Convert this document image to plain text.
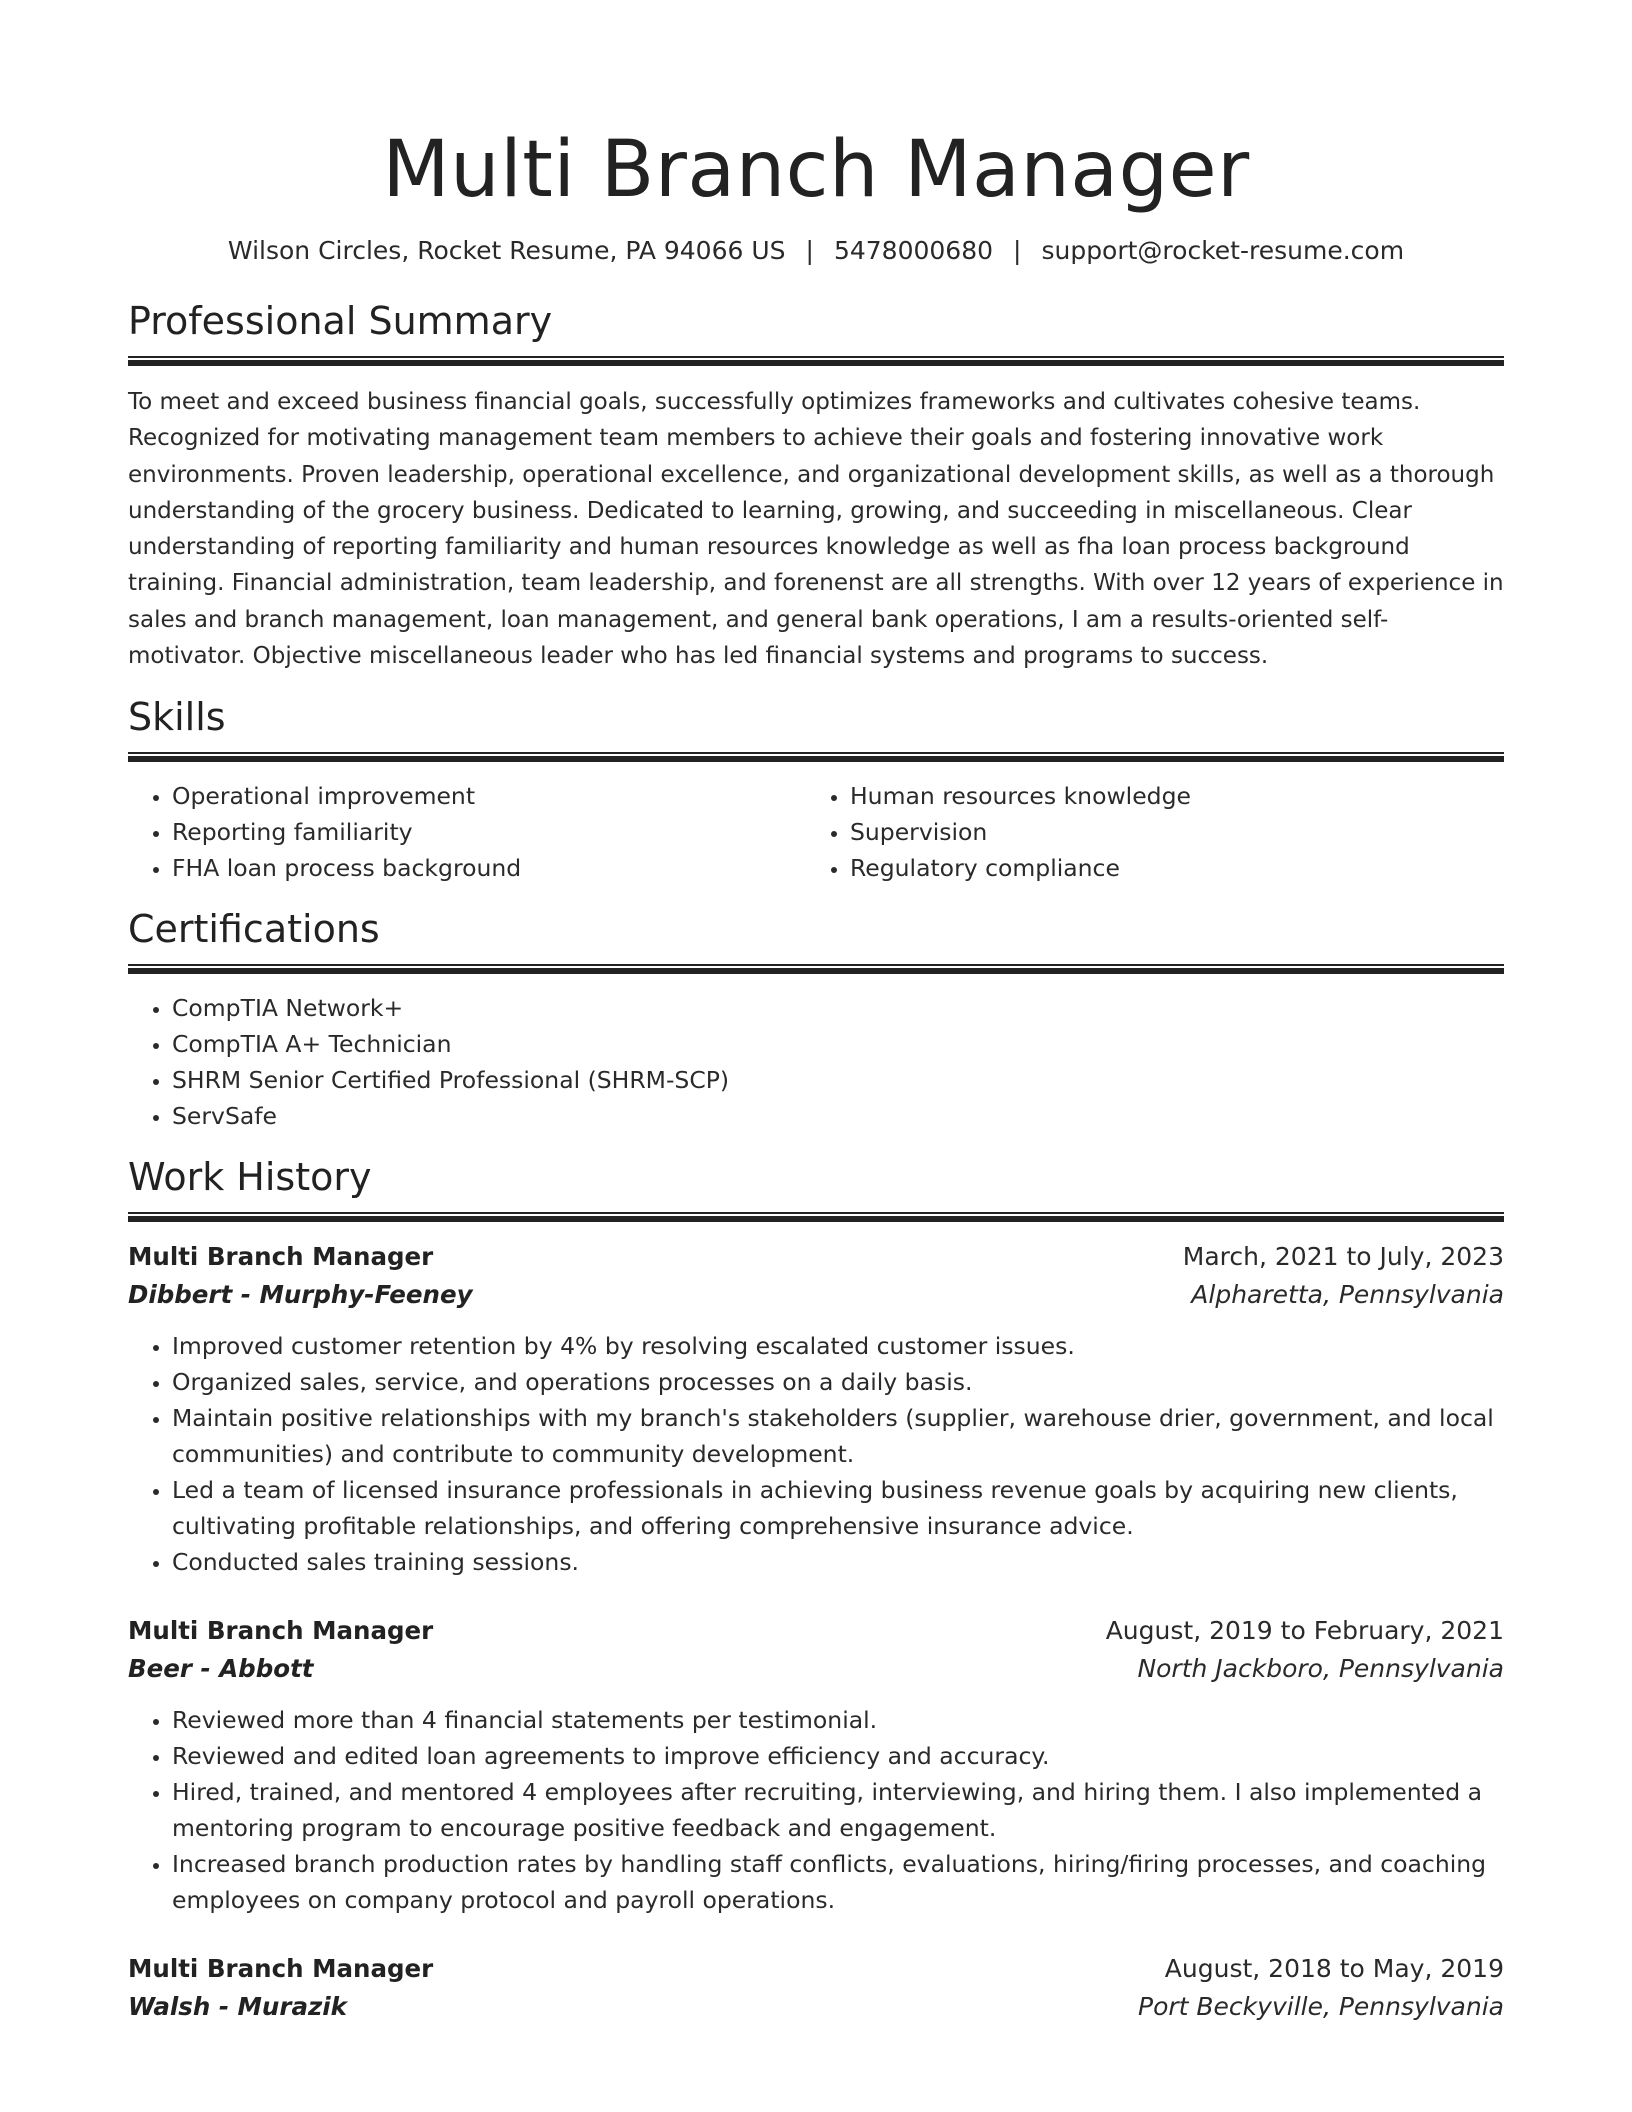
Multi Branch Manager
Wilson Circles, Rocket Resume, PA 94066 US | 5478000680 | support@rocket-resume.com
Professional Summary
To meet and exceed business financial goals, successfully optimizes frameworks and cultivates cohesive teams. Recognized for motivating management team members to achieve their goals and fostering innovative work environments. Proven leadership, operational excellence, and organizational development skills, as well as a thorough understanding of the grocery business. Dedicated to learning, growing, and succeeding in miscellaneous. Clear understanding of reporting familiarity and human resources knowledge as well as fha loan process background training. Financial administration, team leadership, and forenenst are all strengths. With over 12 years of experience in sales and branch management, loan management, and general bank operations, I am a results-oriented self-motivator. Objective miscellaneous leader who has led financial systems and programs to success.
Skills
• Operational improvement
• Reporting familiarity
• FHA loan process background
• Human resources knowledge
• Supervision
• Regulatory compliance
Certifications
• CompTIA Network+
• CompTIA A+ Technician
• SHRM Senior Certified Professional (SHRM-SCP)
• ServSafe
Work History
Multi Branch Manager	March, 2021 to July, 2023
Dibbert - Murphy-Feeney	Alpharetta, Pennsylvania
• Improved customer retention by 4% by resolving escalated customer issues.
• Organized sales, service, and operations processes on a daily basis.
• Maintain positive relationships with my branch's stakeholders (supplier, warehouse drier, government, and local communities) and contribute to community development.
• Led a team of licensed insurance professionals in achieving business revenue goals by acquiring new clients, cultivating profitable relationships, and offering comprehensive insurance advice.
• Conducted sales training sessions.
Multi Branch Manager	August, 2019 to February, 2021
Beer - Abbott	North Jackboro, Pennsylvania
• Reviewed more than 4 financial statements per testimonial.
• Reviewed and edited loan agreements to improve efficiency and accuracy.
• Hired, trained, and mentored 4 employees after recruiting, interviewing, and hiring them. I also implemented a mentoring program to encourage positive feedback and engagement.
• Increased branch production rates by handling staff conflicts, evaluations, hiring/firing processes, and coaching employees on company protocol and payroll operations.
Multi Branch Manager	August, 2018 to May, 2019
Walsh - Murazik	Port Beckyville, Pennsylvania
